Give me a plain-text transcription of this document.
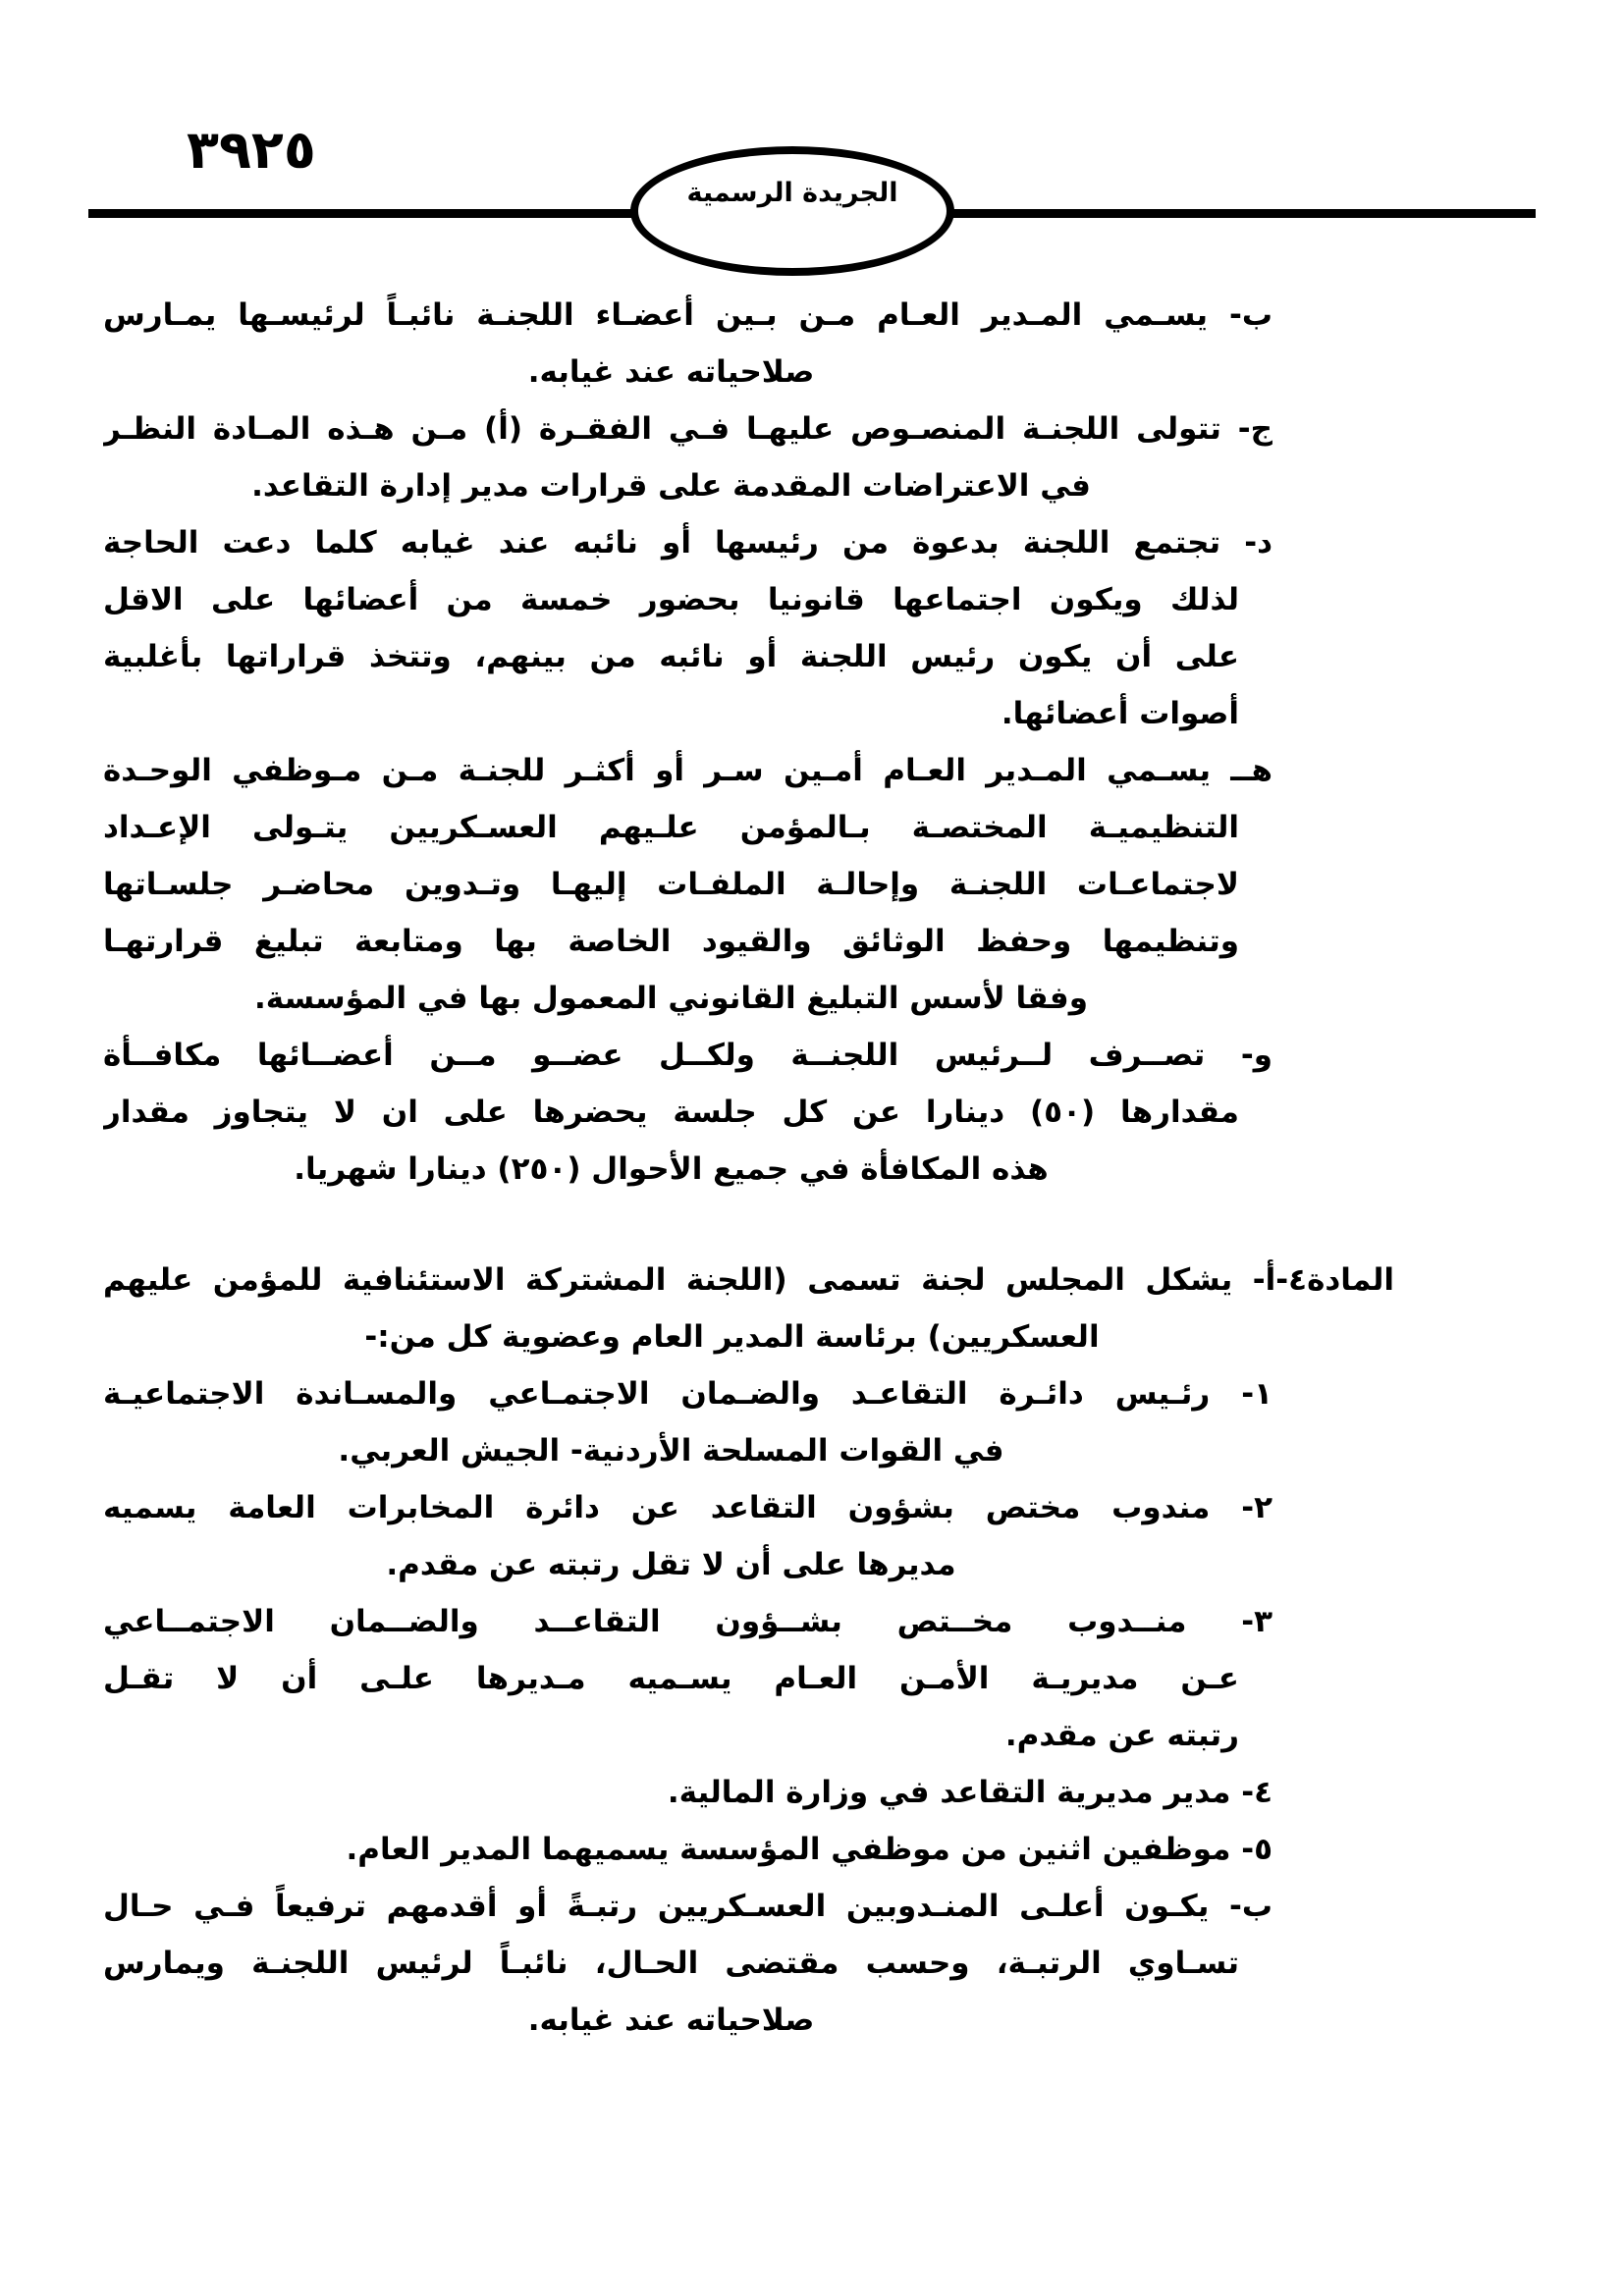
٣٩٢٥
الجريدة الرسمية
ب- يسـمي المـدير العـام مـن بـين أعضـاء اللجنـة نائبـاً لرئيسـها يمـارس
صلاحياته عند غيابه.
ج- تتولى اللجنـة المنصـوص عليهـا فـي الفقـرة (أ) مـن هـذه المـادة النظـر
في الاعتراضات المقدمة على قرارات مدير إدارة التقاعد.
د- تجتمع اللجنة بدعوة من رئيسها أو نائبه عند غيابه كلما دعت الحاجة
لذلك ويكون اجتماعها قانونيا بحضور خمسة من أعضائها على الاقل
على أن يكون رئيس اللجنة أو نائبه من بينهم، وتتخذ قراراتها بأغلبية
أصوات أعضائها.
هــ يسـمي المـدير العـام أمـين سـر أو أكثـر للجنـة مـن مـوظفي الوحـدة
التنظيميـة المختصـة بـالمؤمن علـيهم العسـكريين يتـولى الإعـداد
لاجتماعـات اللجنـة وإحالـة الملفـات إليهـا وتـدوين محاضـر جلسـاتها
وتنظيمها وحفظ الوثائق والقيود الخاصة بها ومتابعة تبليغ قرارتهـا
وفقا لأسس التبليغ القانوني المعمول بها في المؤسسة.
و- تصــرف لــرئيس اللجنــة ولكــل عضــو مــن أعضــائها مكافــأة
مقدارها (٥٠) دينارا عن كل جلسة يحضرها على ان لا يتجاوز مقدار
هذه المكافأة في جميع الأحوال (٢٥٠) دينارا شهريا.
المادة٤-أ- يشكل المجلس لجنة تسمى (اللجنة المشتركة الاستئنافية للمؤمن عليهم
العسكريين) برئاسة المدير العام وعضوية كل من:-
١- رئـيس دائـرة التقاعـد والضـمان الاجتمـاعي والمسـاندة الاجتماعيـة
في القوات المسلحة الأردنية- الجيش العربي.
٢- مندوب مختص بشؤون التقاعد عن دائرة المخابرات العامة يسميه
مديرها على أن لا تقل رتبته عن مقدم.
٣- منــدوب مخــتص بشــؤون التقاعــد والضــمان الاجتمــاعي
عـن مديريـة الأمـن العـام يسـميه مـديرها علـى أن لا تقـل
رتبته عن مقدم.
٤- مدير مديرية التقاعد في وزارة المالية.
٥- موظفين اثنين من موظفي المؤسسة يسميهما المدير العام.
ب- يكـون أعلـى المنـدوبين العسـكريين رتبـةً أو أقدمهم ترفيعاً فـي حـال
تسـاوي الرتبـة، وحسب مقتضى الحـال، نائبـاً لرئيس اللجنـة ويمارس
صلاحياته عند غيابه.
